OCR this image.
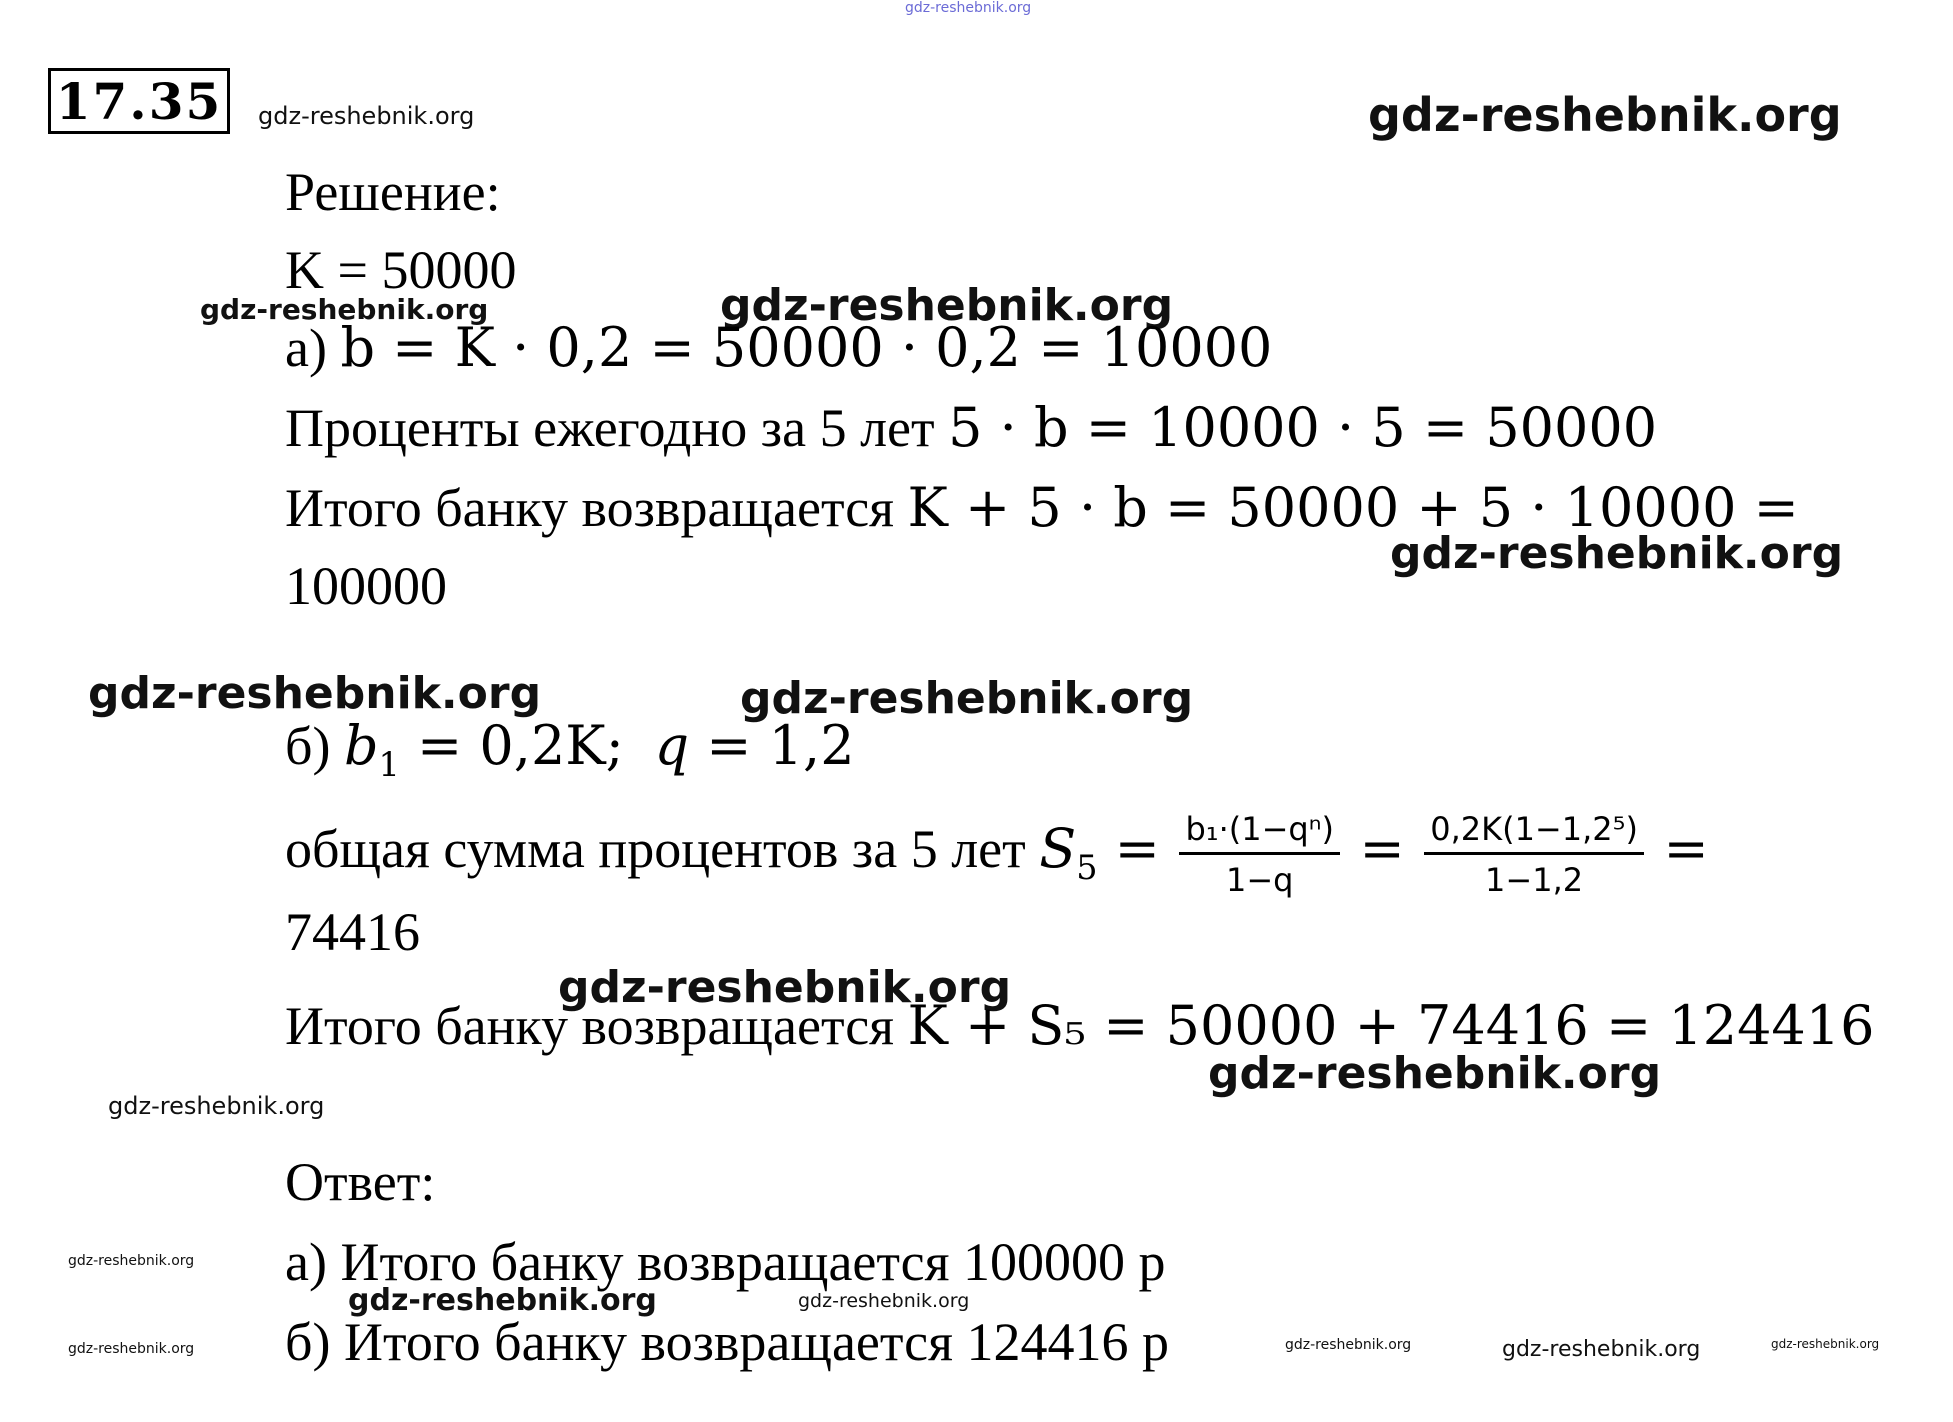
gdz-reshebnik.org
gdz-reshebnik.org	gdz-reshebnik.org
gdz-reshebnik.org	gdz-reshebnik.org
gdz-reshebnik.org
gdz-reshebnik.org	gdz-reshebnik.org
gdz-reshebnik.org
gdz-reshebnik.org
gdz-reshebnik.org
gdz-reshebnik.org
gdz-reshebnik.org	gdz-reshebnik.org
gdz-reshebnik.org	gdz-reshebnik.org	gdz-reshebnik.org	gdz-reshebnik.org
17.35
Решение:
K = 50000
а) b = K · 0,2 = 50000 · 0,2 = 10000
Проценты ежегодно за 5 лет 5 · b = 10000 · 5 = 50000
Итого банку возвращается K + 5 · b = 50000 + 5 · 10000 =
100000
б) $b_1 = 0,2K$; q = 1,2
общая сумма процентов за 5 лет $S_5 = \frac{\text{b₁·(1−qⁿ)}}{1-q} = \frac{\text{0,2K(1−1,2⁵)}}{1-1,2}$ =
74416
Итого банку возвращается K + S₅ = 50000 + 74416 = 124416
Ответ:
а) Итого банку возвращается 100000 р
б) Итого банку возвращается 124416 р
